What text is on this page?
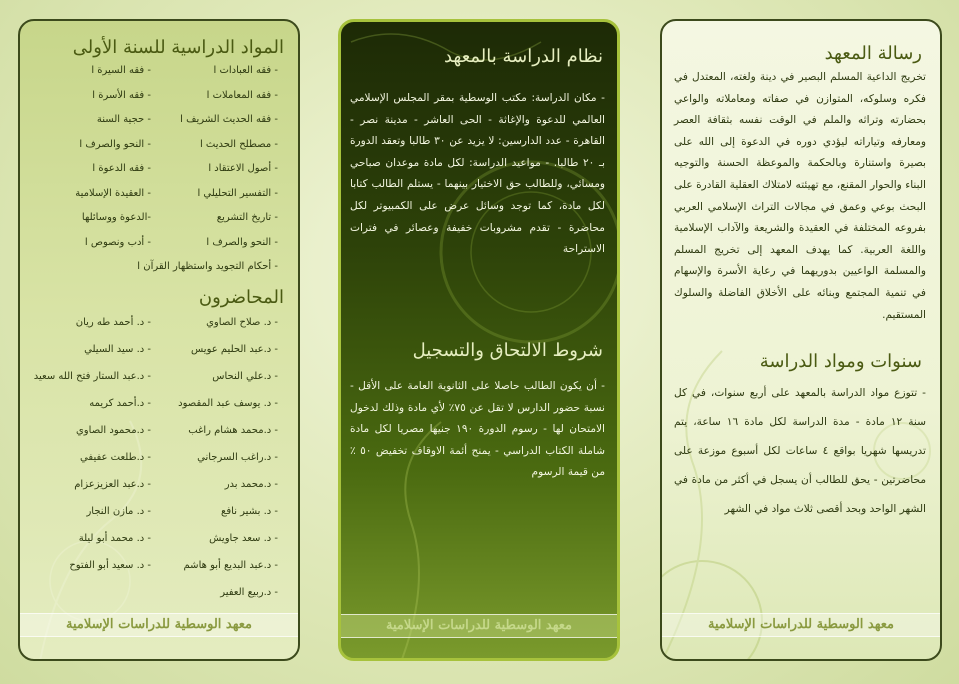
رسالة المعهد
تخريج الداعية المسلم البصير في دينة ولغته، المعتدل في فكره وسلوكه، المتوازن في صفاته ومعاملاته والواعي بحضارته وتراثه والملم في الوقت نفسه بثقافة العصر ومعارفه وتياراته ليؤدي دوره في الدعوة إلى الله على بصيرة واستنارة وبالحكمة والموعظة الحسنة والتوجيه البناء والحوار المقنع، مع تهيئته لامتلاك العقلية القادرة على البحث بوعي وعمق في مجالات التراث الإسلامي العربي بفروعه المختلفة في العقيدة والشريعة والآداب الإسلامية واللغة العربية. كما يهدف المعهد إلى تخريج المسلم والمسلمة الواعيين بدوريهما في رعاية الأسرة والإسهام في تنمية المجتمع وبنائه على الأخلاق الفاضلة والسلوك المستقيم.
سنوات ومواد الدراسة
- تتوزع مواد الدراسة بالمعهد على أربع سنوات، في كل سنة ١٢ مادة - مدة الدراسة لكل مادة ١٦ ساعة، يتم تدريسها شهريا بواقع ٤ ساعات لكل أسبوع موزعة على محاضرتين - يحق للطالب أن يسجل في أكثر من مادة في الشهر الواحد وبحد أقصى ثلاث مواد في الشهر
معهد الوسطية للدراسات الإسلامية
نظام الدراسة بالمعهد
- مكان الدراسة: مكتب الوسطية بمقر المجلس الإسلامي العالمي للدعوة والإغاثة - الحى العاشر - مدينة نصر - القاهرة - عدد الدارسين: لا يزيد عن ٣٠ طالبا وتعقد الدورة بـ ٢٠ طالبا. - مواعيد الدراسة: لكل مادة موعدان صباحي ومسائي، وللطالب حق الاختيار بينهما - يستلم الطالب كتابا لكل مادة، كما توجد وسائل عرض على الكمبيوتر لكل محاضرة - تقدم مشروبات خفيفة وعصائر في فترات الاستراحة
شروط الالتحاق والتسجيل
- أن يكون الطالب حاصلا على الثانوية العامة على الأقل - نسبة حضور الدارس لا تقل عن ٧٥٪ لأي مادة وذلك لدخول الامتحان لها - رسوم الدورة ١٩٠ جنيها مصريا لكل مادة شاملة الكتاب الدراسي - يمنح أئمة الاوقاف تخفيض ٥٠ ٪ من قيمة الرسوم
معهد الوسطية للدراسات الإسلامية
المواد الدراسية للسنة الأولى
- فقه العبادات ا
- فقه السيرة ا
- فقه المعاملات ا
- فقه الأسرة ا
- فقه الحديث الشريف ا
- حجية السنة
- مصطلح الحديث ا
- النحو والصرف ا
- أصول الاعتقاد ا
- فقه الدعوة ا
- التفسير التحليلي ا
- العقيدة الإسلامية
- تاريخ التشريع
-الدعوة ووسائلها
- النحو والصرف ا
- أدب ونصوص ا
- أحكام التجويد واستظهار القرآن ا
المحاضرون
- د. صلاح الصاوي
- د. أحمد طه ريان
- د.عبد الحليم عويس
- د. سيد السيلي
- د.علي النحاس
- د.عبد الستار فتح الله سعيد
- د. يوسف عبد المقصود
- د.أحمد كريمه
- د.محمد هشام راغب
- د.محمود الصاوي
- د.راغب السرجاني
- د.طلعت عفيفي
- د.محمد بدر
- د.عبد العزيزعزام
- د. بشير نافع
- د. مازن النجار
- د. سعد جاويش
- د. محمد أبو ليلة
- د.عبد البديع أبو هاشم
- د. سعيد أبو الفتوح
- د.ربيع العفير
معهد الوسطية للدراسات الإسلامية
